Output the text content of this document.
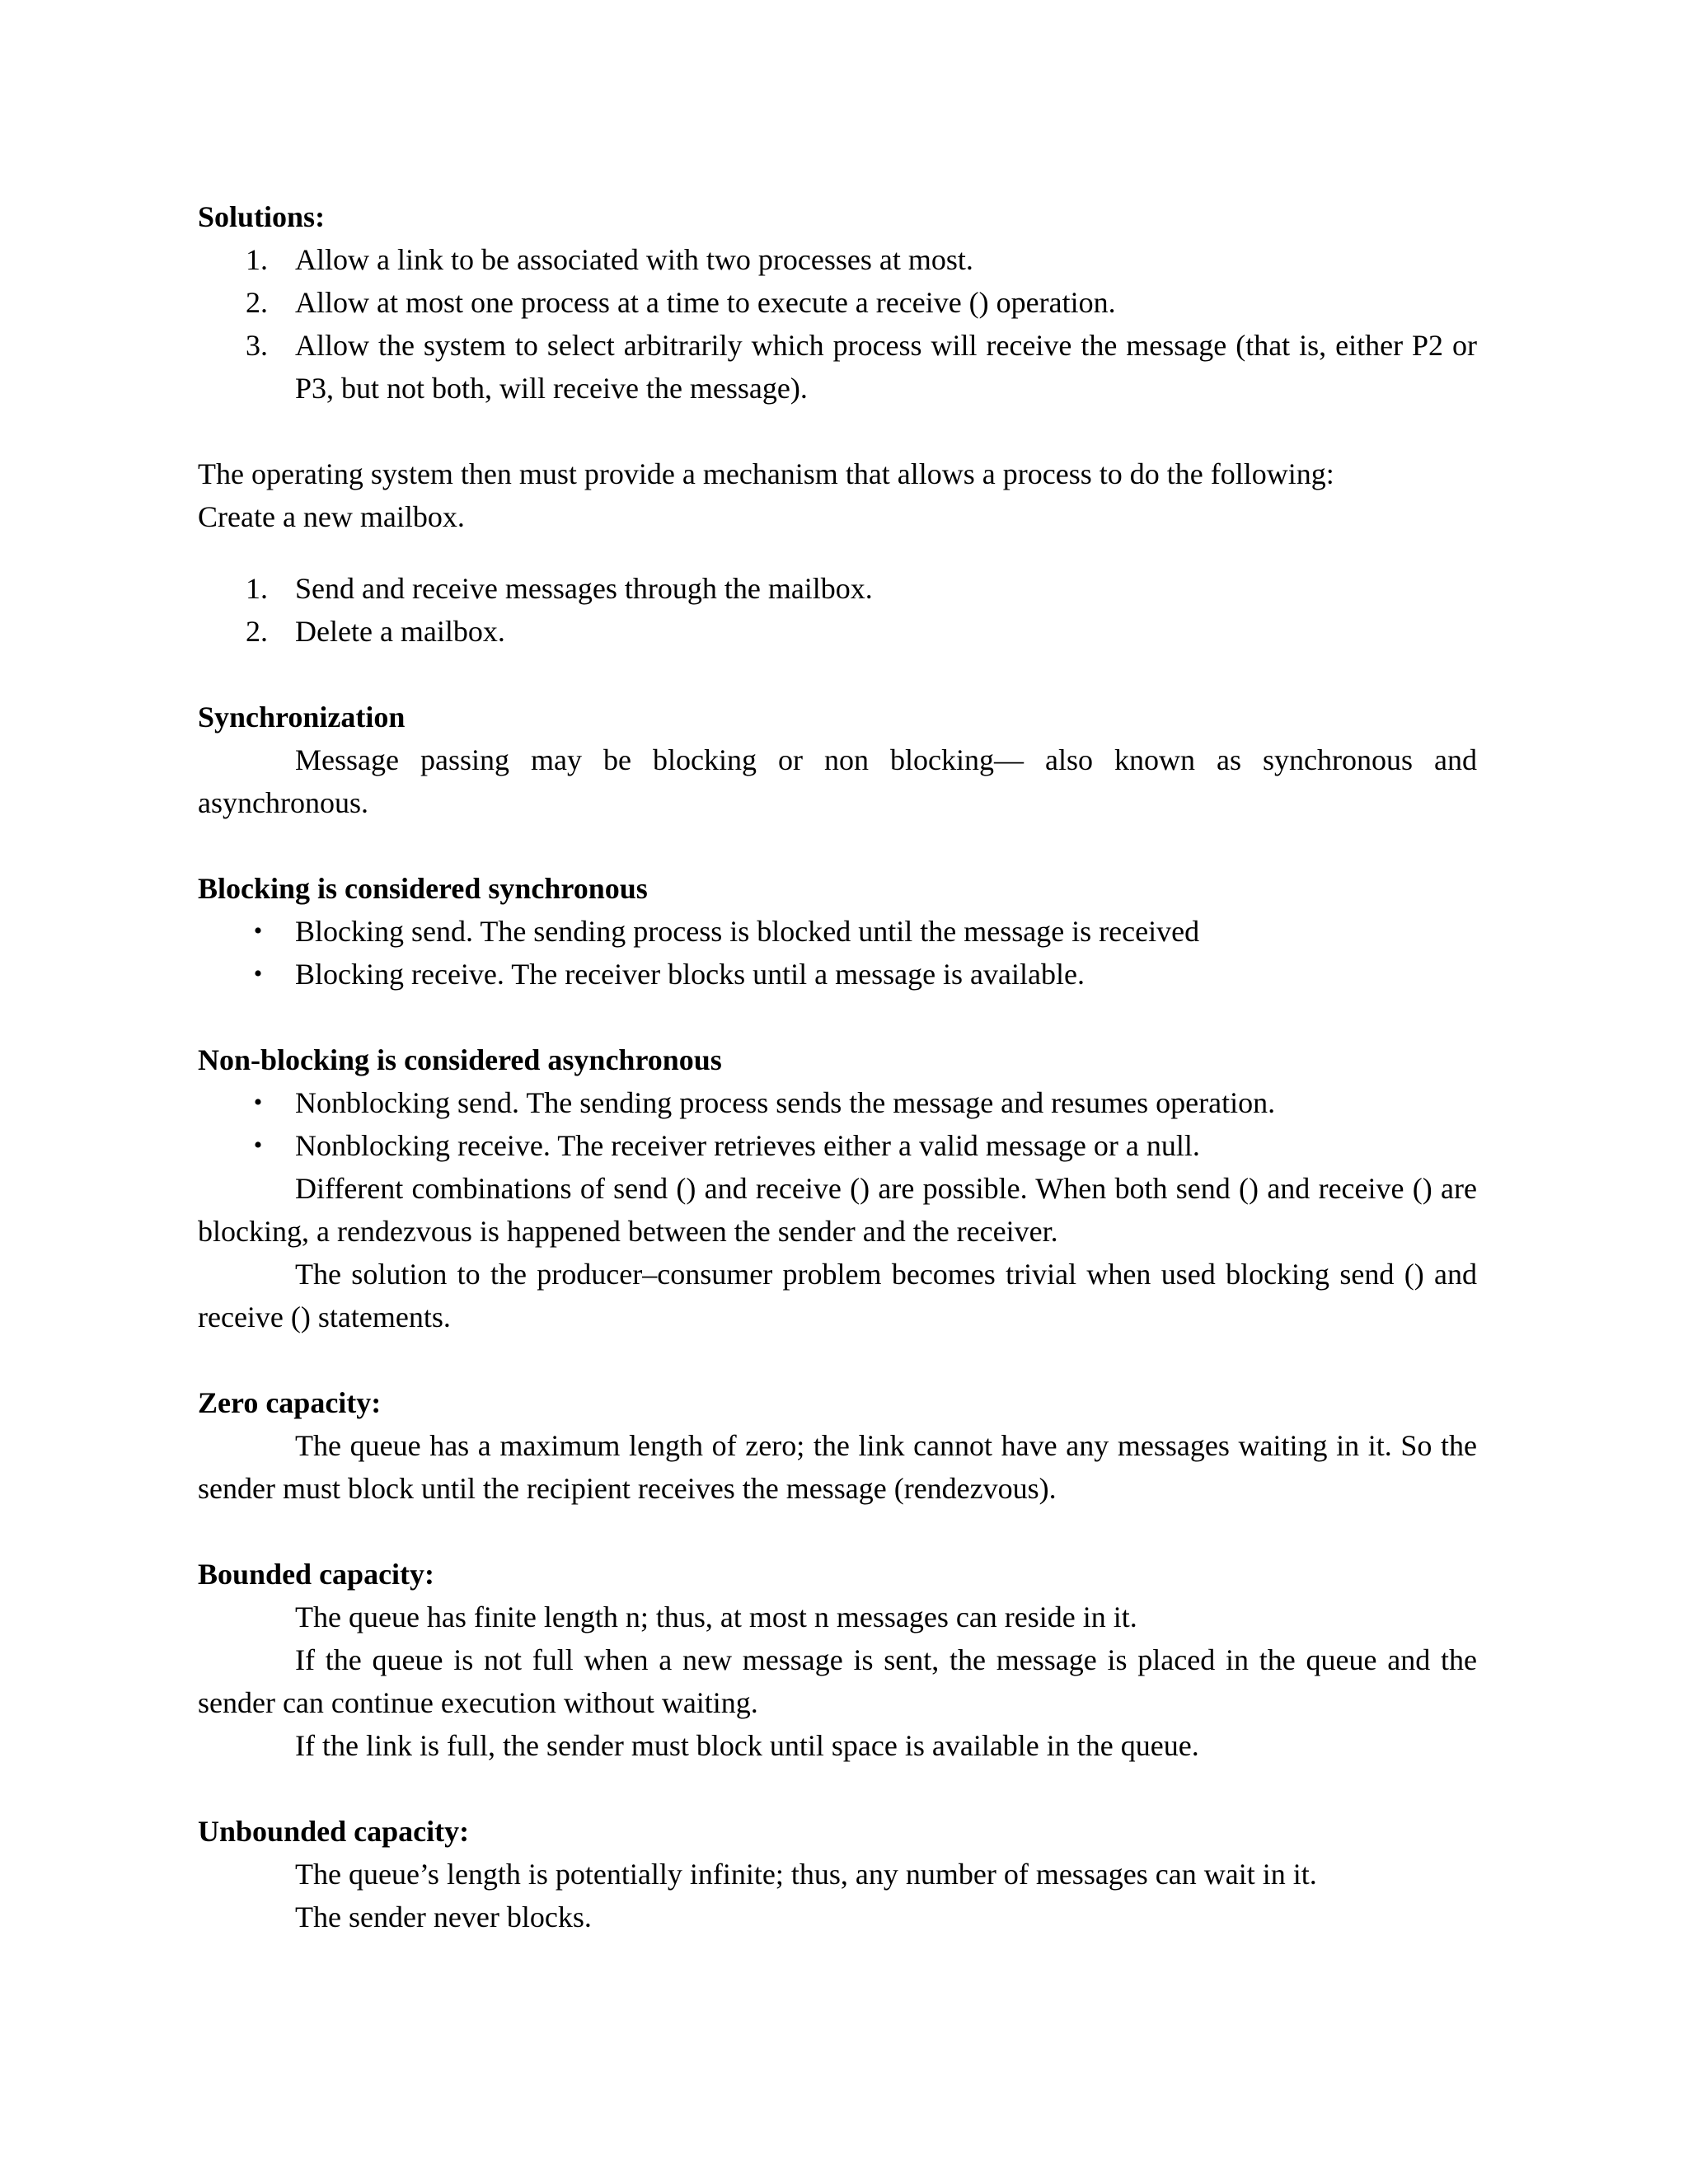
Solutions:

1. Allow a link to be associated with two processes at most.
2. Allow at most one process at a time to execute a receive () operation.
3. Allow the system to select arbitrarily which process will receive the message (that is, either P2 or P3, but not both, will receive the message).

The operating system then must provide a mechanism that allows a process to do the following:

Create a new mailbox.

1. Send and receive messages through the mailbox.
2. Delete a mailbox.

Synchronization

Message passing may be blocking or non blocking— also known as synchronous and asynchronous.

Blocking is considered synchronous

• Blocking send. The sending process is blocked until the message is received
• Blocking receive. The receiver blocks until a message is available.

Non-blocking is considered asynchronous

• Nonblocking send. The sending process sends the message and resumes operation.
• Nonblocking receive. The receiver retrieves either a valid message or a null.

Different combinations of send () and receive () are possible. When both send () and receive () are blocking, a rendezvous is happened between the sender and the receiver.

The solution to the producer–consumer problem becomes trivial when used blocking send () and receive () statements.

Zero capacity:

The queue has a maximum length of zero; the link cannot have any messages waiting in it. So the sender must block until the recipient receives the message (rendezvous).

Bounded capacity:

The queue has finite length n; thus, at most n messages can reside in it.

If the queue is not full when a new message is sent, the message is placed in the queue and the sender can continue execution without waiting.

If the link is full, the sender must block until space is available in the queue.

Unbounded capacity:

The queue’s length is potentially infinite; thus, any number of messages can wait in it.

The sender never blocks.
